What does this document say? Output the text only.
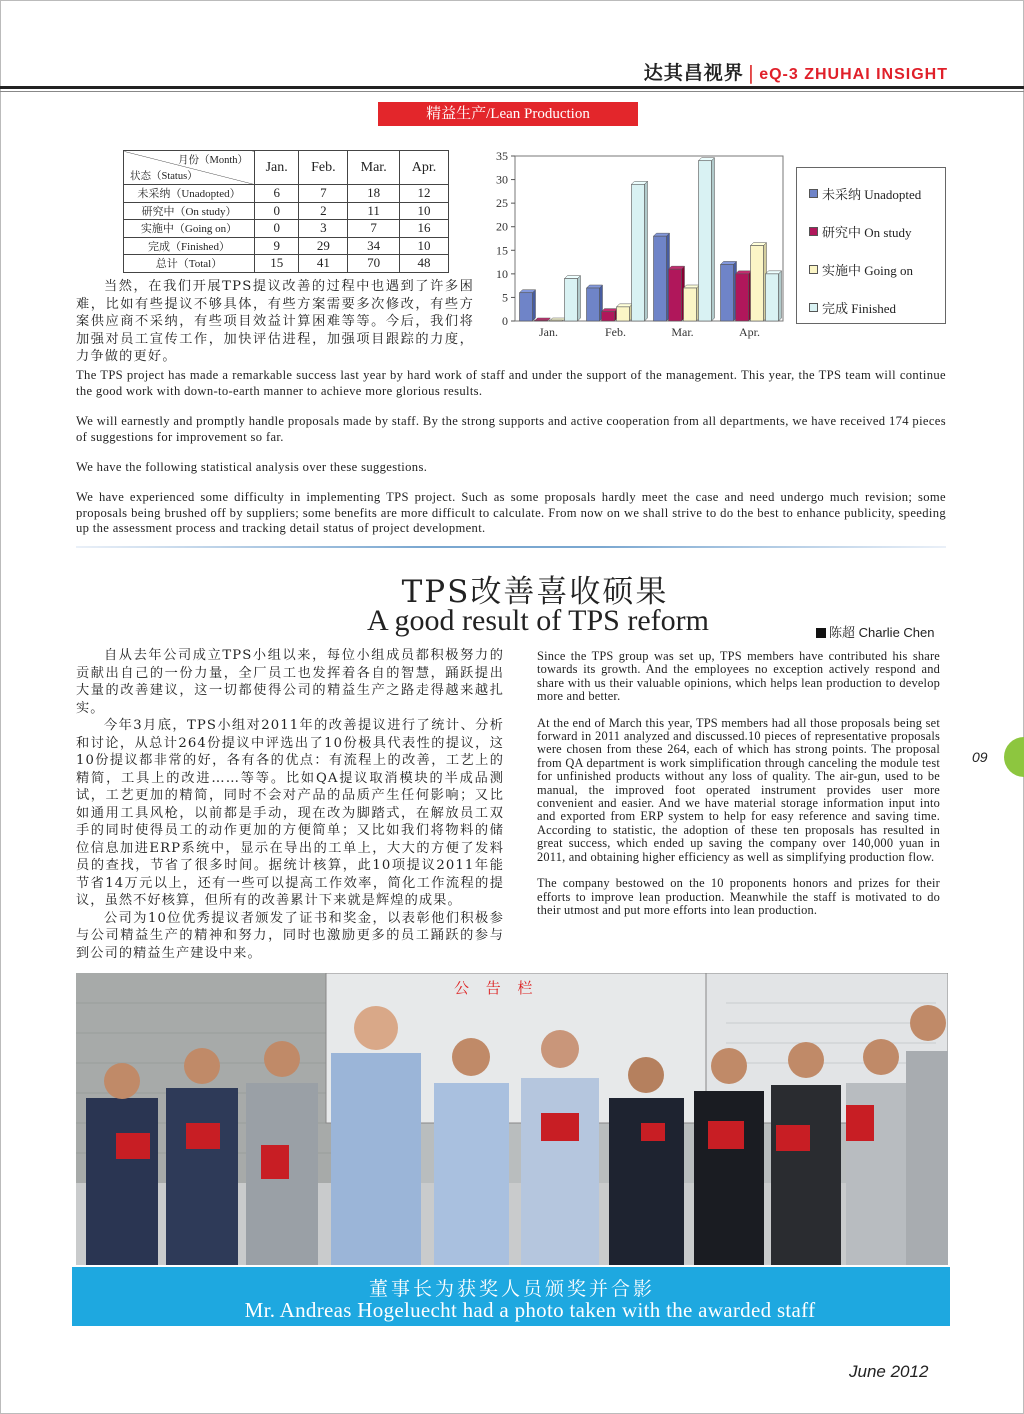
达其昌视界 | eQ-3 ZHUHAI INSIGHT
精益生产/Lean Production
月份（Month）
状态（Status）	Jan.	Feb.	Mar.	Apr.
未采纳（Unadopted）	6	7	18	12
研究中（On study）	0	2	11	10
实施中（Going on）	0	3	7	16
完成（Finished）	9	29	34	10
总计（Total）	15	41	70	48
0
5
10
15
20
25
30
35
Jan.	Feb.	Mar.	Apr.
未采纳 Unadopted
研究中 On study
实施中 Going on
完成 Finished

当然，在我们开展TPS提议改善的过程中也遇到了许多困难，比如有些提议不够具体，有些方案需要多次修改，有些方案供应商不采纳，有些项目效益计算困难等等。今后，我们将加强对员工宣传工作，加快评估进程，加强项目跟踪的力度，力争做的更好。

The TPS project has made a remarkable success last year by hard work of staff and under the support of the management. This year, the TPS team will continue the good work with down-to-earth manner to achieve more glorious results.

We will earnestly and promptly handle proposals made by staff. By the strong supports and active cooperation from all departments, we have received 174 pieces of suggestions for improvement so far.

We have the following statistical analysis over these suggestions.

We have experienced some difficulty in implementing TPS project. Such as some proposals hardly meet the case and need undergo much revision; some proposals being brushed off by suppliers; some benefits are more difficult to calculate. From now on we shall strive to do the best to enhance publicity, speeding up the assessment process and tracking detail status of project development.

TPS改善喜收硕果
A good result of TPS reform	陈超 Charlie Chen

自从去年公司成立TPS小组以来，每位小组成员都积极努力的贡献出自己的一份力量，全厂员工也发挥着各自的智慧，踊跃提出大量的改善建议，这一切都使得公司的精益生产之路走得越来越扎实。

今年3月底，TPS小组对2011年的改善提议进行了统计、分析和讨论，从总计264份提议中评选出了10份极具代表性的提议，这10份提议都非常的好，各有各的优点：有流程上的改善，工艺上的精简，工具上的改进……等等。比如QA提议取消模块的半成品测试，工艺更加的精简，同时不会对产品的品质产生任何影响；又比如通用工具风枪，以前都是手动，现在改为脚踏式，在解放员工双手的同时使得员工的动作更加的方便简单；又比如我们将物料的储位信息加进ERP系统中，显示在导出的工单上，大大的方便了发料员的查找，节省了很多时间。据统计核算，此10项提议2011年能节省14万元以上，还有一些可以提高工作效率，简化工作流程的提议，虽然不好核算，但所有的改善累计下来就是辉煌的成果。

公司为10位优秀提议者颁发了证书和奖金，以表彰他们积极参与公司精益生产的精神和努力，同时也激励更多的员工踊跃的参与到公司的精益生产建设中来。

Since the TPS group was set up, TPS members have contributed his share towards its growth. And the employees no exception actively respond and share with us their valuable opinions, which helps lean production to develop more and better.

At the end of March this year, TPS members had all those proposals being set forward in 2011 analyzed and discussed.10 pieces of representative proposals were chosen from these 264, each of which has strong points. The proposal from QA department is work simplification through canceling the module test for unfinished products without any loss of quality. The air-gun, used to be manual, the improved foot operated instrument provides user more convenient and easier. And we have material storage information input into and exported from ERP system to help for easy reference and saving time. According to statistic, the adoption of these ten proposals has resulted in great success, which ended up saving the company over 140,000 yuan in 2011, and obtaining higher efficiency as well as simplifying production flow.

The company bestowed on the 10 proponents honors and prizes for their efforts to improve lean production. Meanwhile the staff is motivated to do their utmost and put more efforts into lean production.

09
公 告 栏
董事长为获奖人员颁奖并合影
Mr. Andreas Hogeluecht had a photo taken with the awarded staff
June 2012
